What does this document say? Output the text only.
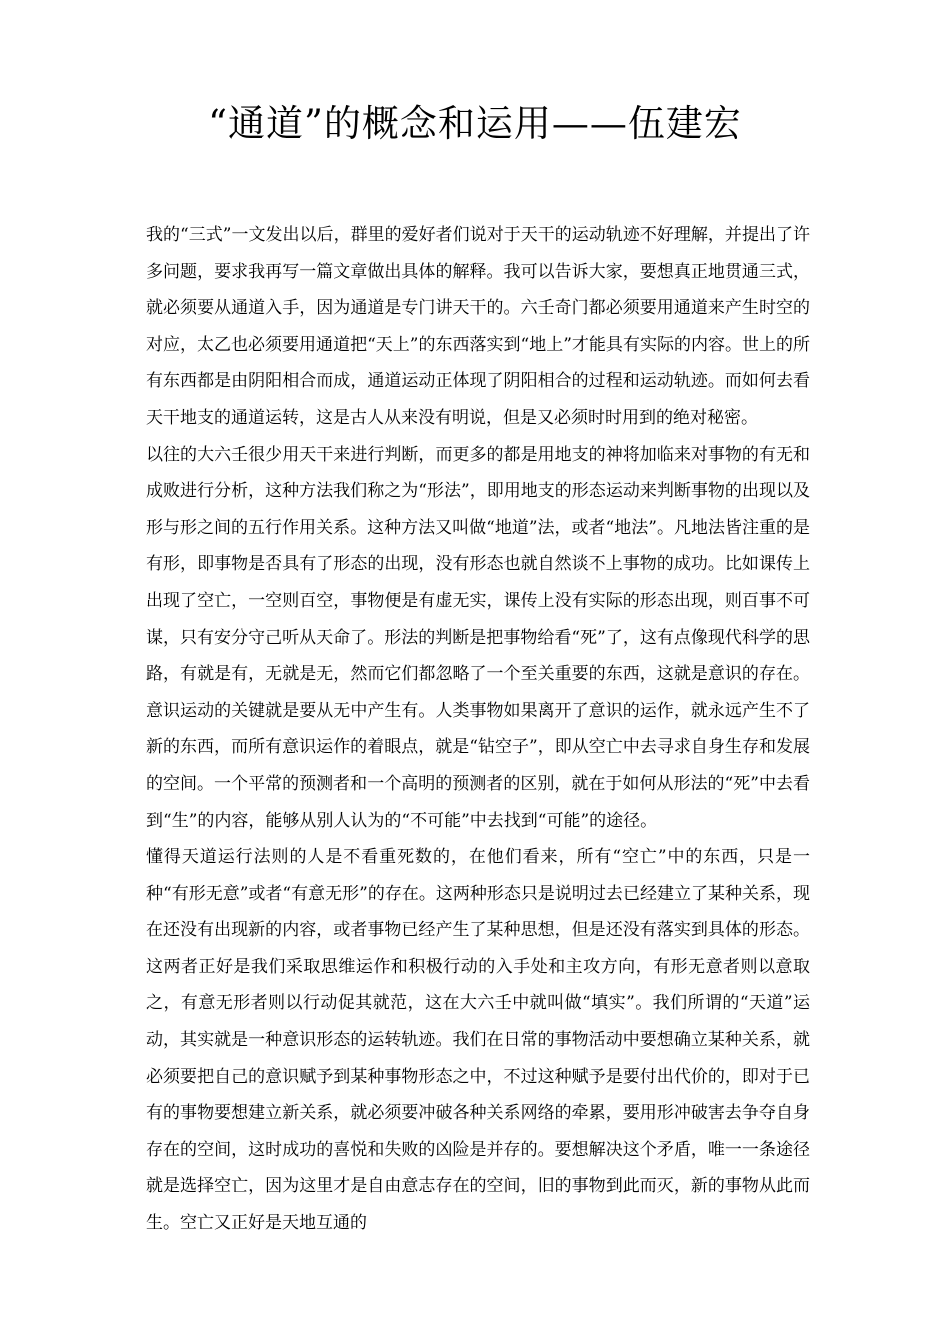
“通道”的概念和运用——伍建宏

我的“三式”一文发出以后，群里的爱好者们说对于天干的运动轨迹不好理解，并提出了许多问题，要求我再写一篇文章做出具体的解释。我可以告诉大家，要想真正地贯通三式，就必须要从通道入手，因为通道是专门讲天干的。六壬奇门都必须要用通道来产生时空的对应，太乙也必须要用通道把“天上”的东西落实到“地上”才能具有实际的内容。世上的所有东西都是由阴阳相合而成，通道运动正体现了阴阳相合的过程和运动轨迹。而如何去看天干地支的通道运转，这是古人从来没有明说，但是又必须时时用到的绝对秘密。

以往的大六壬很少用天干来进行判断，而更多的都是用地支的神将加临来对事物的有无和成败进行分析，这种方法我们称之为“形法”，即用地支的形态运动来判断事物的出现以及形与形之间的五行作用关系。这种方法又叫做“地道”法，或者“地法”。凡地法皆注重的是有形，即事物是否具有了形态的出现，没有形态也就自然谈不上事物的成功。比如课传上出现了空亡，一空则百空，事物便是有虚无实，课传上没有实际的形态出现，则百事不可谋，只有安分守己听从天命了。形法的判断是把事物给看“死”了，这有点像现代科学的思路，有就是有，无就是无，然而它们都忽略了一个至关重要的东西，这就是意识的存在。意识运动的关键就是要从无中产生有。人类事物如果离开了意识的运作，就永远产生不了新的东西，而所有意识运作的着眼点，就是“钻空子”，即从空亡中去寻求自身生存和发展的空间。一个平常的预测者和一个高明的预测者的区别，就在于如何从形法的“死”中去看到“生”的内容，能够从别人认为的“不可能”中去找到“可能”的途径。

懂得天道运行法则的人是不看重死数的，在他们看来，所有“空亡”中的东西，只是一种“有形无意”或者“有意无形”的存在。这两种形态只是说明过去已经建立了某种关系，现在还没有出现新的内容，或者事物已经产生了某种思想，但是还没有落实到具体的形态。这两者正好是我们采取思维运作和积极行动的入手处和主攻方向，有形无意者则以意取之，有意无形者则以行动促其就范，这在大六壬中就叫做“填实”。我们所谓的“天道”运动，其实就是一种意识形态的运转轨迹。我们在日常的事物活动中要想确立某种关系，就必须要把自己的意识赋予到某种事物形态之中，不过这种赋予是要付出代价的，即对于已有的事物要想建立新关系，就必须要冲破各种关系网络的牵累，要用形冲破害去争夺自身存在的空间，这时成功的喜悦和失败的凶险是并存的。要想解决这个矛盾，唯一一条途径就是选择空亡，因为这里才是自由意志存在的空间，旧的事物到此而灭，新的事物从此而生。空亡又正好是天地互通的
